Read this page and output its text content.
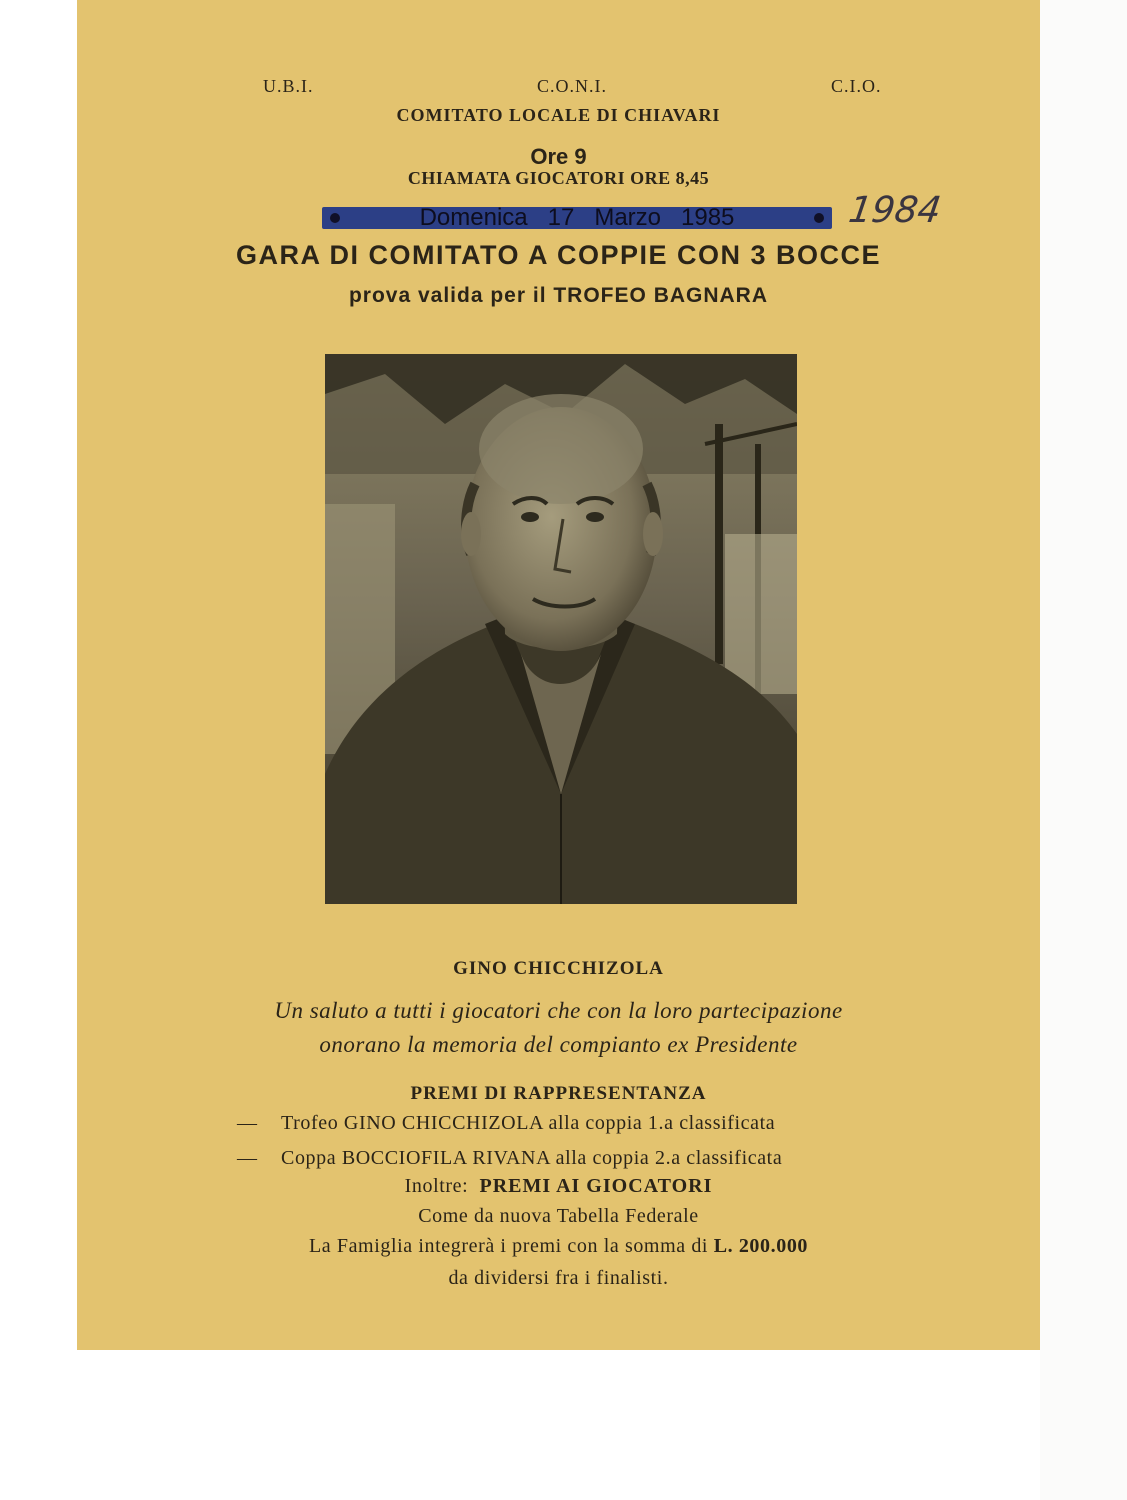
U.B.I.	C.O.N.I.	C.I.O.
COMITATO LOCALE DI CHIAVARI
Ore 9
CHIAMATA GIOCATORI ORE 8,45
Domenica   17   Marzo   1985	1984
GARA DI COMITATO A COPPIE CON 3 BOCCE
prova valida per il TROFEO BAGNARA
GINO CHICCHIZOLA
Un saluto a tutti i giocatori che con la loro partecipazione
onorano la memoria del compianto ex Presidente
PREMI DI RAPPRESENTANZA
— Trofeo GINO CHICCHIZOLA alla coppia 1.a classificata
— Coppa BOCCIOFILA RIVANA alla coppia 2.a classificata
Inoltre: PREMI AI GIOCATORI
Come da nuova Tabella Federale
La Famiglia integrerà i premi con la somma di L. 200.000
da dividersi fra i finalisti.
